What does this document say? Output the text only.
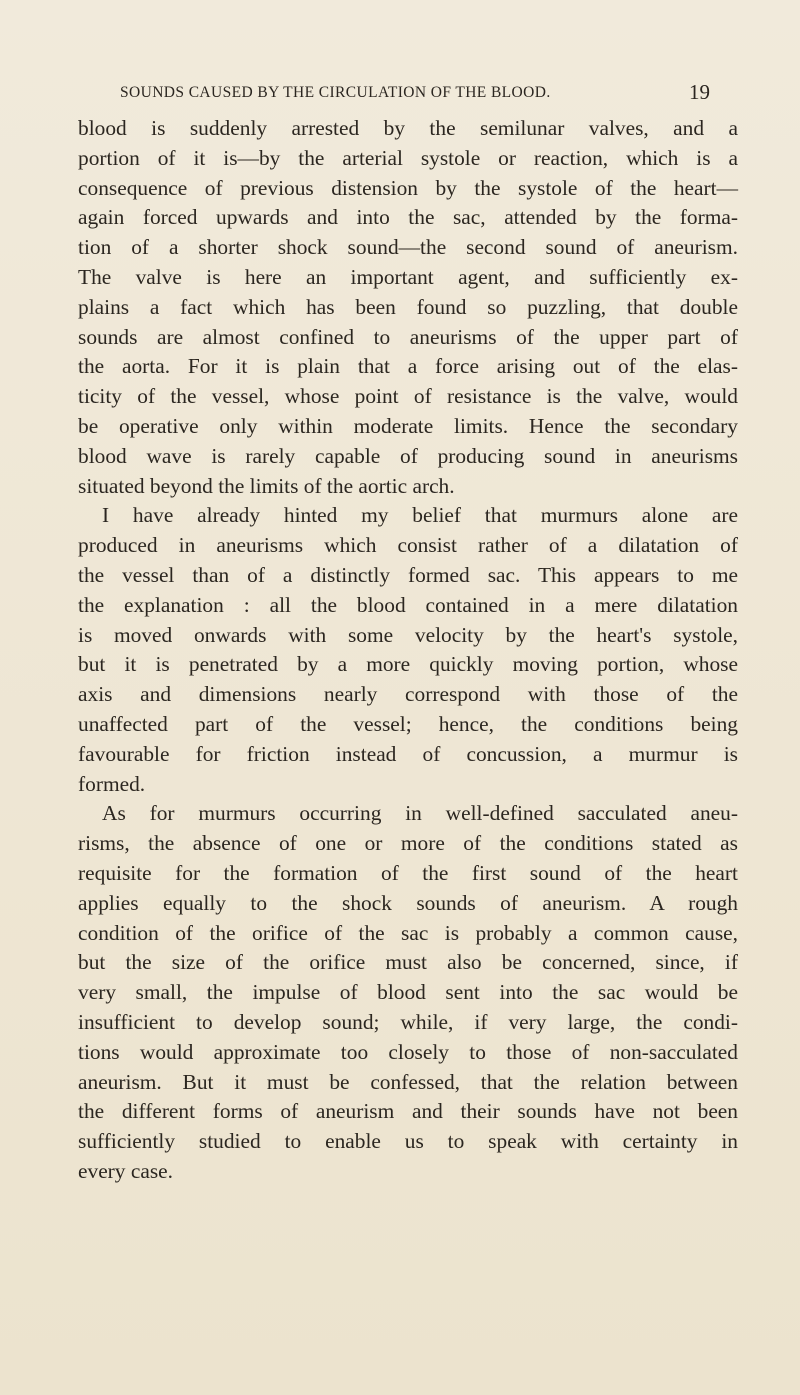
SOUNDS CAUSED BY THE CIRCULATION OF THE BLOOD.	19
blood is suddenly arrested by the semilunar valves, and a
portion of it is—by the arterial systole or reaction, which is a
consequence of previous distension by the systole of the heart—
again forced upwards and into the sac, attended by the forma-
tion of a shorter shock sound—the second sound of aneurism.
The valve is here an important agent, and sufficiently ex-
plains a fact which has been found so puzzling, that double
sounds are almost confined to aneurisms of the upper part of
the aorta. For it is plain that a force arising out of the elas-
ticity of the vessel, whose point of resistance is the valve, would
be operative only within moderate limits. Hence the secondary
blood wave is rarely capable of producing sound in aneurisms
situated beyond the limits of the aortic arch.
I have already hinted my belief that murmurs alone are
produced in aneurisms which consist rather of a dilatation of
the vessel than of a distinctly formed sac. This appears to me
the explanation : all the blood contained in a mere dilatation
is moved onwards with some velocity by the heart's systole,
but it is penetrated by a more quickly moving portion, whose
axis and dimensions nearly correspond with those of the
unaffected part of the vessel; hence, the conditions being
favourable for friction instead of concussion, a murmur is
formed.
As for murmurs occurring in well-defined sacculated aneu-
risms, the absence of one or more of the conditions stated as
requisite for the formation of the first sound of the heart
applies equally to the shock sounds of aneurism. A rough
condition of the orifice of the sac is probably a common cause,
but the size of the orifice must also be concerned, since, if
very small, the impulse of blood sent into the sac would be
insufficient to develop sound; while, if very large, the condi-
tions would approximate too closely to those of non-sacculated
aneurism. But it must be confessed, that the relation between
the different forms of aneurism and their sounds have not been
sufficiently studied to enable us to speak with certainty in
every case.
